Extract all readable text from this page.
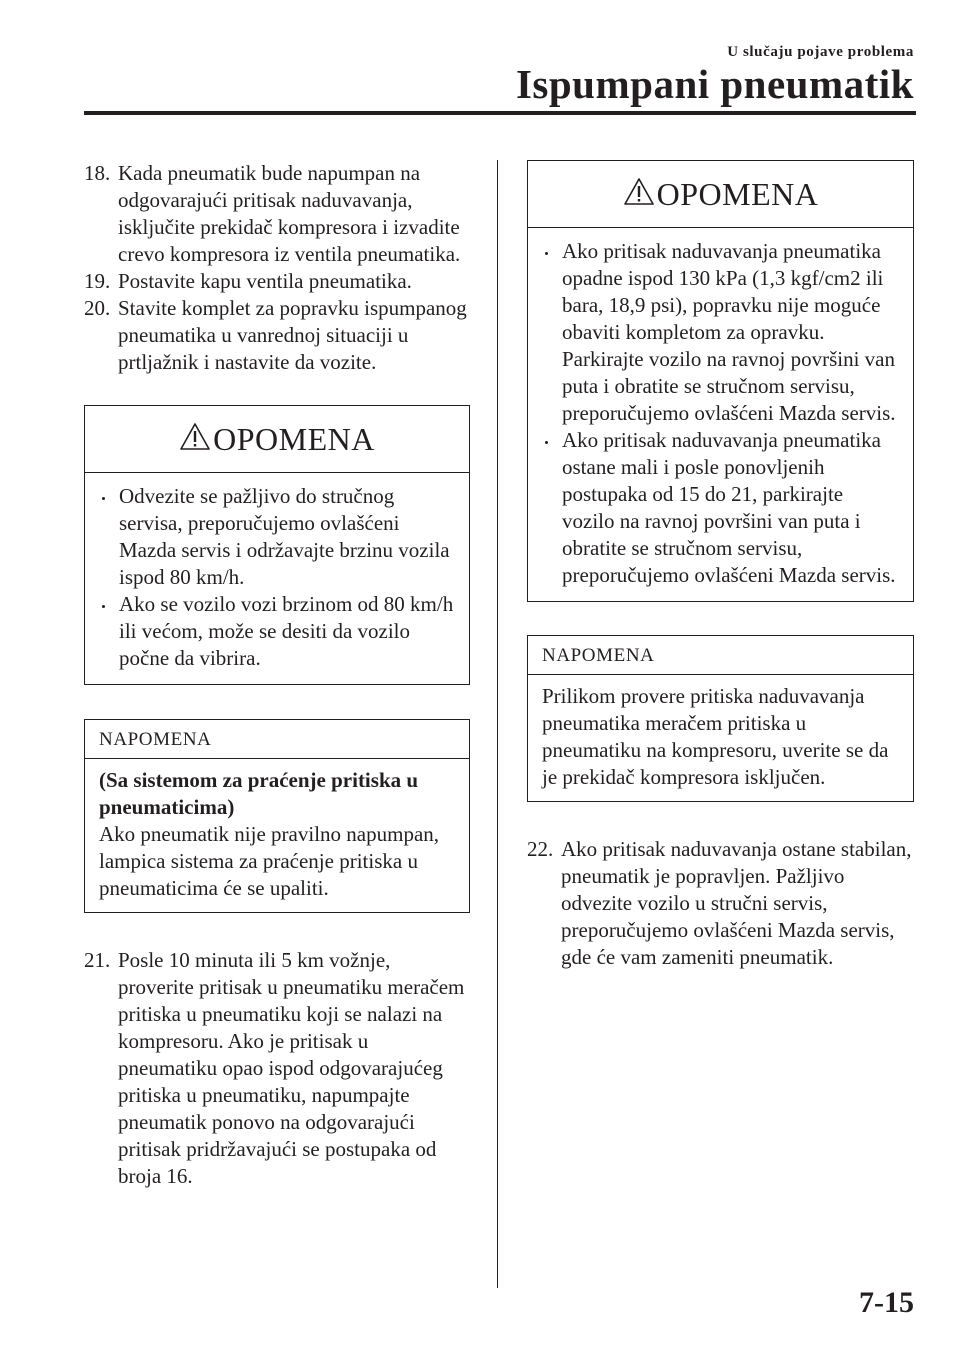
U slučaju pojave problema
Ispumpani pneumatik
18. Kada pneumatik bude napumpan na odgovarajući pritisak naduvavanja, isključite prekidač kompresora i izvadite crevo kompresora iz ventila pneumatika.
19. Postavite kapu ventila pneumatika.
20. Stavite komplet za popravku ispumpanog pneumatika u vanrednoj situaciji u prtljažnik i nastavite da vozite.
OPOMENA
Odvezite se pažljivo do stručnog servisa, preporučujemo ovlašćeni Mazda servis i održavajte brzinu vozila ispod 80 km/h.
Ako se vozilo vozi brzinom od 80 km/h ili većom, može se desiti da vozilo počne da vibrira.
NAPOMENA

(Sa sistemom za praćenje pritiska u pneumaticima)

Ako pneumatik nije pravilno napumpan, lampica sistema za praćenje pritiska u pneumaticima će se upaliti.

21. Posle 10 minuta ili 5 km vožnje, proverite pritisak u pneumatiku meračem pritiska u pneumatiku koji se nalazi na kompresoru. Ako je pritisak u pneumatiku opao ispod odgovarajućeg pritiska u pneumatiku, napumpajte pneumatik ponovo na odgovarajući pritisak pridržavajući se postupaka od broja 16.
OPOMENA
Ako pritisak naduvavanja pneumatika opadne ispod 130 kPa (1,3 kgf/cm2 ili bara, 18,9 psi), popravku nije moguće obaviti kompletom za opravku. Parkirajte vozilo na ravnoj površini van puta i obratite se stručnom servisu, preporučujemo ovlašćeni Mazda servis.
Ako pritisak naduvavanja pneumatika ostane mali i posle ponovljenih postupaka od 15 do 21, parkirajte vozilo na ravnoj površini van puta i obratite se stručnom servisu, preporučujemo ovlašćeni Mazda servis.
NAPOMENA

Prilikom provere pritiska naduvavanja pneumatika meračem pritiska u pneumatiku na kompresoru, uverite se da je prekidač kompresora isključen.

22. Ako pritisak naduvavanja ostane stabilan, pneumatik je popravljen. Pažljivo odvezite vozilo u stručni servis, preporučujemo ovlašćeni Mazda servis, gde će vam zameniti pneumatik.
7-15
